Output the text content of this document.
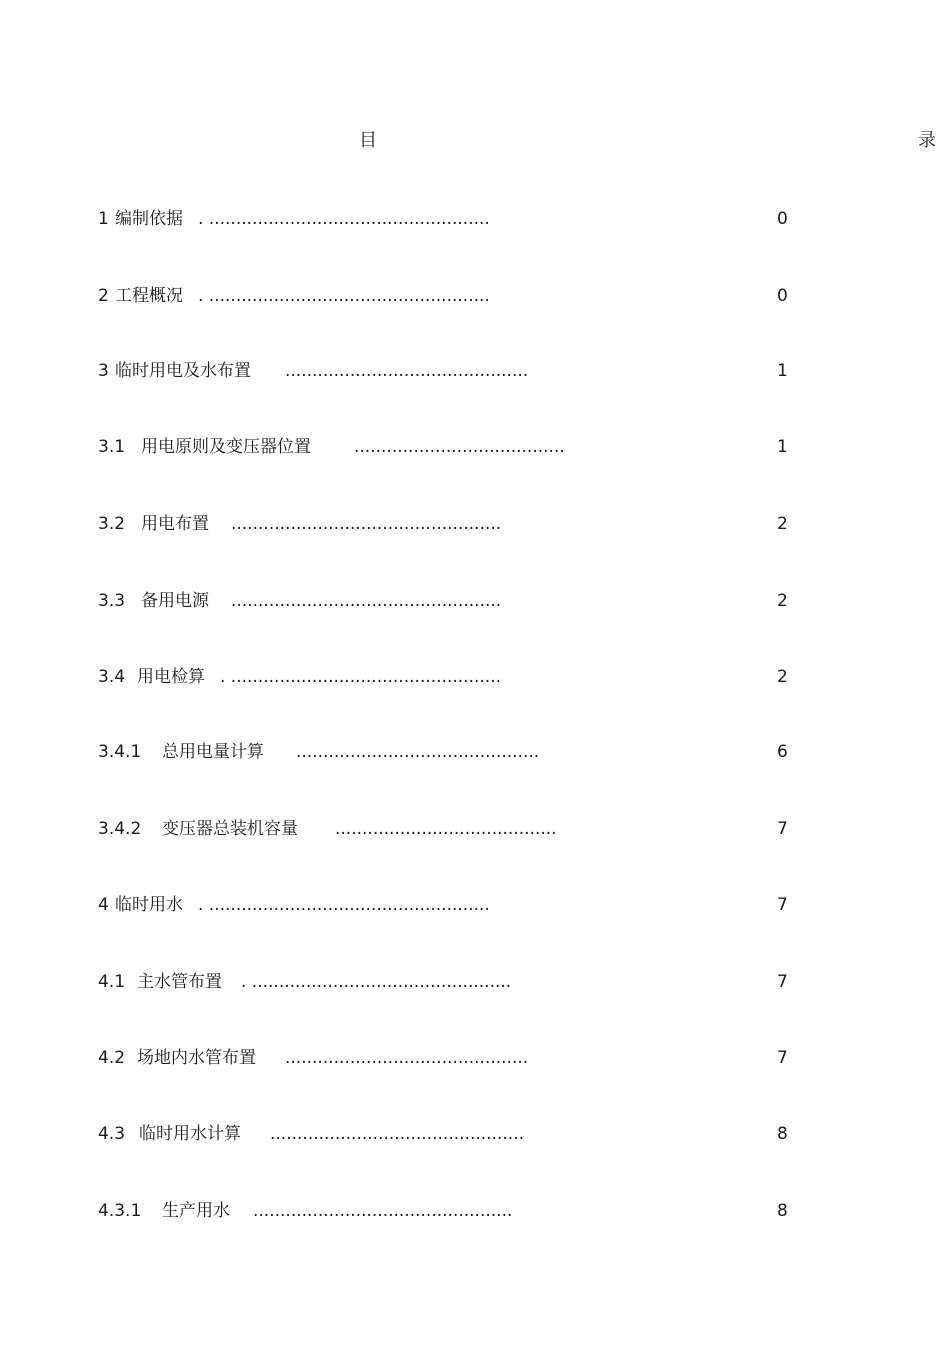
目	录
1 编制依据 . ....................................................	0
2 工程概况 . ....................................................	0
3 临时用电及水布置 .............................................	1
3.1 用电原则及变压器位置	.......................................	1
3.2 用电布置 ..................................................	2
3.3 备用电源 ..................................................	2
3.4 用电检算 . ..................................................	2
3.4.1 总用电量计算 .............................................	6
3.4.2 变压器总装机容量 .........................................	7
4 临时用水 . ....................................................	7
4.1 主水管布置 . ................................................	7
4.2 场地内水管布置 .............................................	7
4.3 临时用水计算 ...............................................	8
4.3.1 生产用水 ................................................	8
